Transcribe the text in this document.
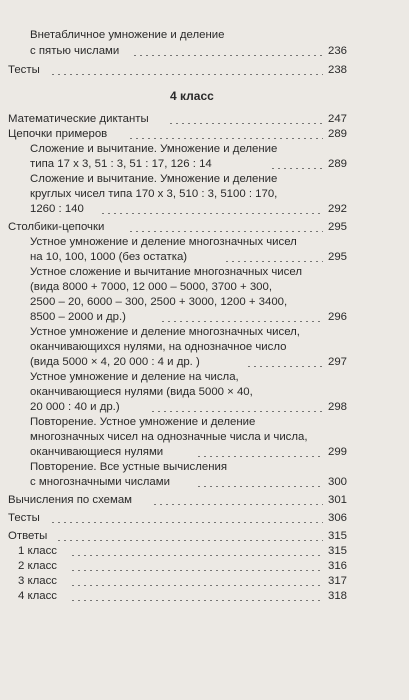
Внетабличное умножение и деление
с пятью числами	236
Тесты	238
4 класс
Математические диктанты	247
Цепочки примеров	289
Сложение и вычитание. Умножение и деление
типа 17 х 3, 51 : 3, 51 : 17, 126 : 14	289
Сложение и вычитание. Умножение и деление
круглых чисел типа 170 х 3, 510 : 3, 5100 : 170,
1260 : 140	292
Столбики-цепочки	295
Устное умножение и деление многозначных чисел
на 10, 100, 1000 (без остатка)	295
Устное сложение и вычитание многозначных чисел
(вида 8000 + 7000, 12 000 – 5000, 3700 + 300,
2500 – 20, 6000 – 300, 2500 + 3000, 1200 + 3400,
8500 – 2000 и др.)	296
Устное умножение и деление многозначных чисел,
оканчивающихся нулями, на однозначное число
(вида 5000 × 4, 20 000 : 4 и др. )	297
Устное умножение и деление на числа,
оканчивающиеся нулями (вида 5000 × 40,
20 000 : 40 и др.)	298
Повторение. Устное умножение и деление
многозначных чисел на однозначные числа и числа,
оканчивающиеся нулями	299
Повторение. Все устные вычисления
с многозначными числами	300
Вычисления по схемам	301
Тесты	306
Ответы	315
1 класс	315
2 класс	316
3 класс	317
4 класс	318
